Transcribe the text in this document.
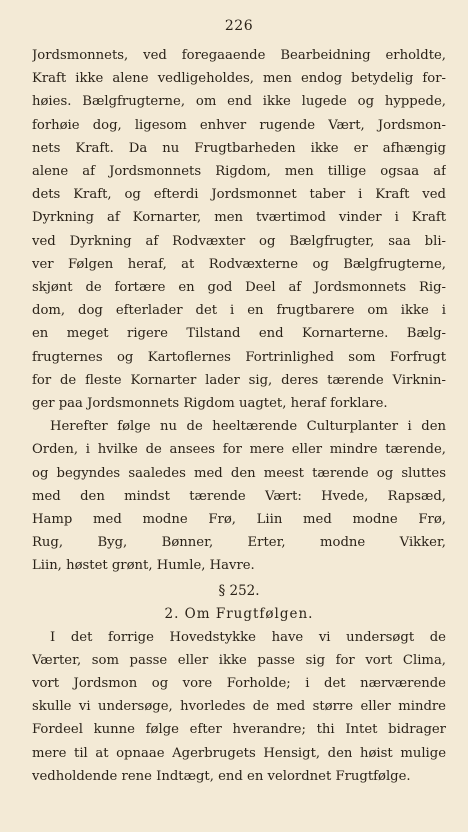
226
Jordsmonnets, ved foregaaende Bearbeidning erholdte,
Kraft ikke alene vedligeholdes, men endog betydelig for-
høies. Bælgfrugterne, om end ikke lugede og hyppede,
forhøie dog, ligesom enhver rugende Vært, Jordsmon-
nets Kraft. Da nu Frugtbarheden ikke er afhængig
alene af Jordsmonnets Rigdom, men tillige ogsaa af
dets Kraft, og efterdi Jordsmonnet taber i Kraft ved
Dyrkning af Kornarter, men tværtimod vinder i Kraft
ved Dyrkning af Rodvæxter og Bælgfrugter, saa bli-
ver Følgen heraf, at Rodvæxterne og Bælgfrugterne,
skjønt de fortære en god Deel af Jordsmonnets Rig-
dom, dog efterlader det i en frugtbarere om ikke i
en meget rigere Tilstand end Kornarterne. Bælg-
frugternes og Kartoflernes Fortrinlighed som Forfrugt
for de fleste Kornarter lader sig, deres tærende Virknin-
ger paa Jordsmonnets Rigdom uagtet, heraf forklare.
Herefter følge nu de heeltærende Culturplanter i den
Orden, i hvilke de ansees for mere eller mindre tærende,
og begyndes saaledes med den meest tærende og sluttes
med den mindst tærende Vært: Hvede, Rapsæd,
Hamp med modne Frø, Liin med modne Frø,
Rug, Byg, Bønner, Erter, modne Vikker,
Liin, høstet grønt, Humle, Havre.
§ 252.
2. Om Frugtfølgen.
I det forrige Hovedstykke have vi undersøgt de
Værter, som passe eller ikke passe sig for vort Clima,
vort Jordsmon og vore Forholde; i det nærværende
skulle vi undersøge, hvorledes de med større eller mindre
Fordeel kunne følge efter hverandre; thi Intet bidrager
mere til at opnaae Agerbrugets Hensigt, den høist mulige
vedholdende rene Indtægt, end en velordnet Frugtfølge.
